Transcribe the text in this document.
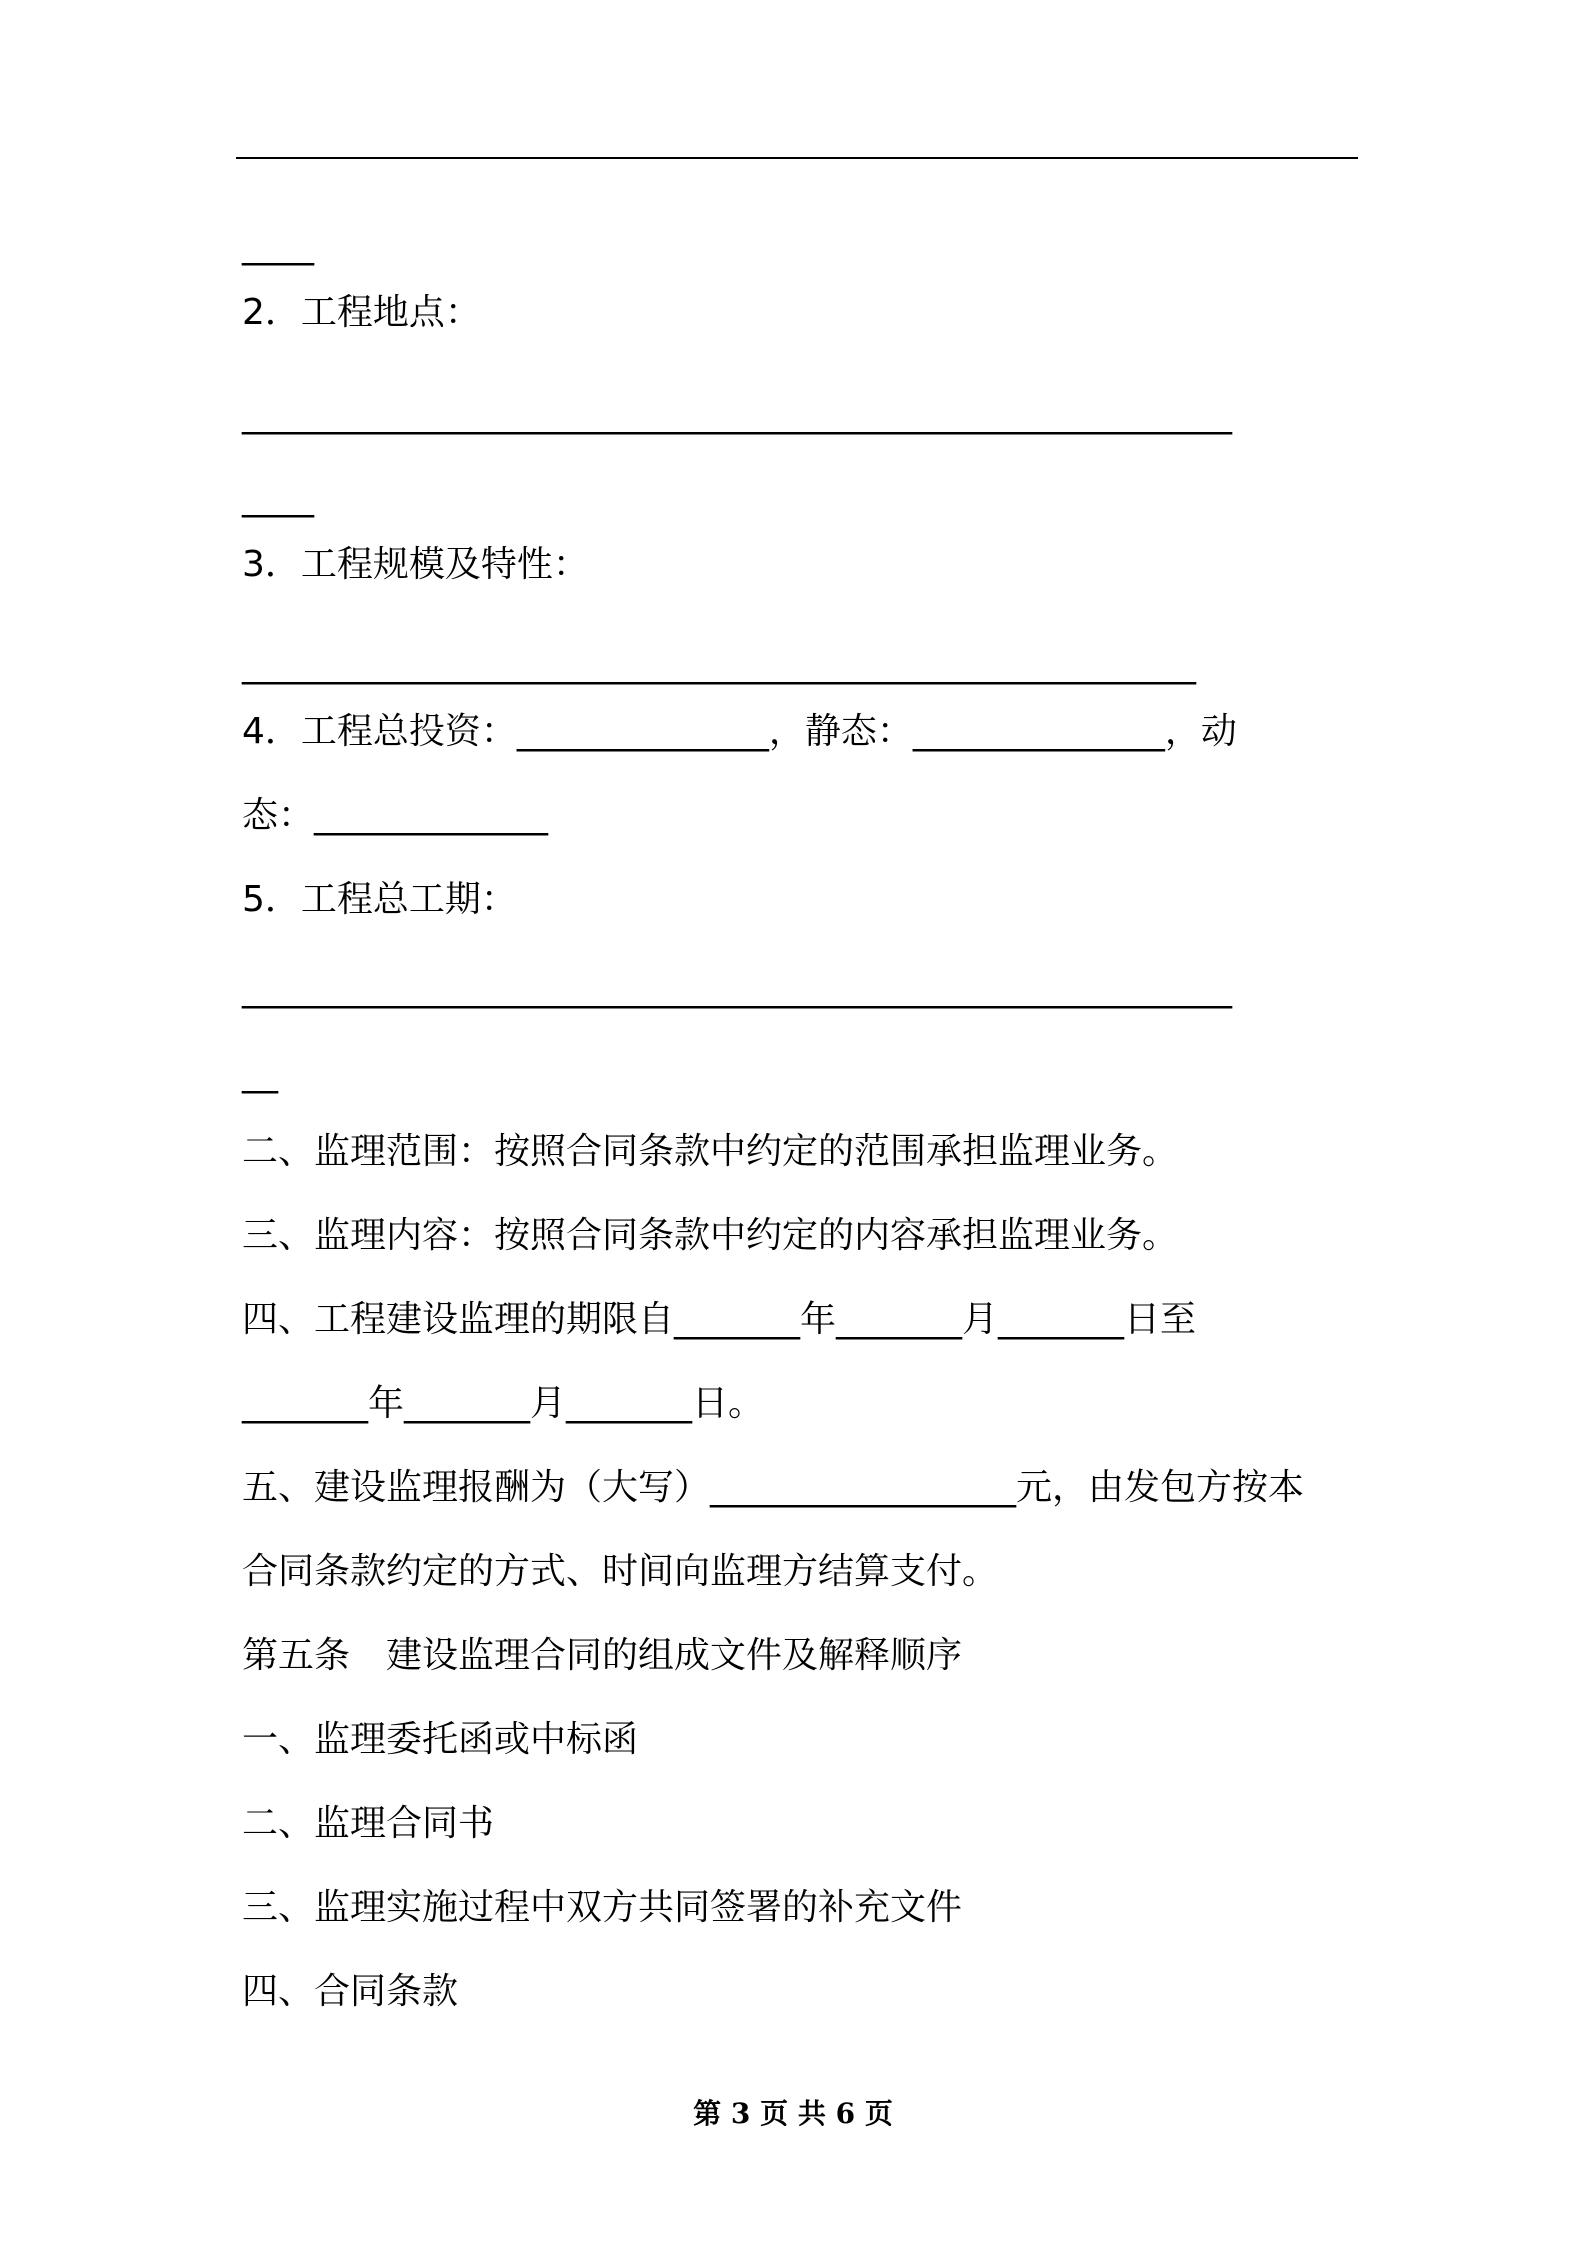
____
2．工程地点：
_______________________________________________________
____
3．工程规模及特性：
_____________________________________________________
4．工程总投资：______________，静态：______________，动
态：_____________
5．工程总工期：
_______________________________________________________
__
二、监理范围：按照合同条款中约定的范围承担监理业务。
三、监理内容：按照合同条款中约定的内容承担监理业务。
四、工程建设监理的期限自_______年_______月_______日至
_______年_______月_______日。
五、建设监理报酬为（大写）_________________元，由发包方按本
合同条款约定的方式、时间向监理方结算支付。
第五条　建设监理合同的组成文件及解释顺序
一、监理委托函或中标函
二、监理合同书
三、监理实施过程中双方共同签署的补充文件
四、合同条款
第 3 页 共 6 页
